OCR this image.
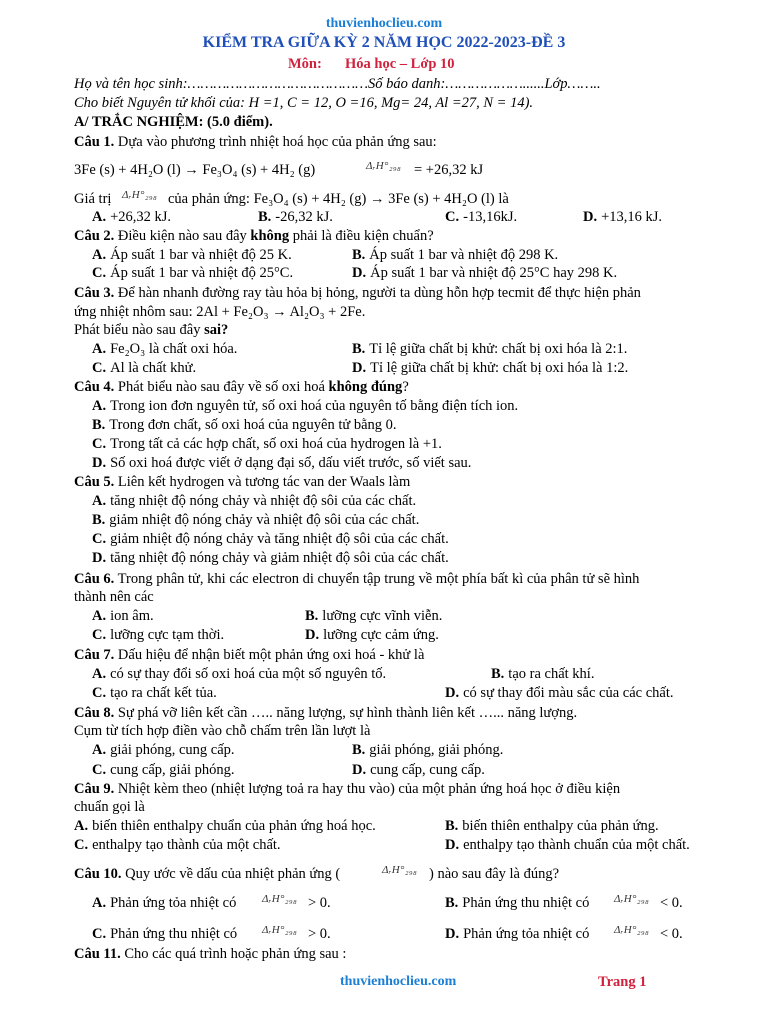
thuvienhoclieu.com
KIỂM TRA GIỮA KỲ 2 NĂM HỌC 2022-2023-ĐỀ 3
Môn: Hóa học – Lớp 10
Họ và tên học sinh:……………………………………Số báo danh:………………......Lớp……..
Cho biết Nguyên tử khối của: H =1, C = 12, O =16, Mg= 24, Al =27, N = 14).
A/ TRẮC NGHIỆM: (5.0 điểm).
Câu 1. Dựa vào phương trình nhiệt hoá học của phản ứng sau:
3Fe (s) + 4H₂O (l) → Fe₃O₄ (s) + 4H₂ (g)	ΔᵣH°₂₉₈ = +26,32 kJ
Giá trị ΔᵣH°₂₉₈ của phản ứng: Fe₃O₄ (s) + 4H₂ (g) → 3Fe (s) + 4H₂O (l) là
A. +26,32 kJ.	B. -26,32 kJ.	C. -13,16kJ.	D. +13,16 kJ.
Câu 2. Điều kiện nào sau đây không phải là điều kiện chuẩn?
A. Áp suất 1 bar và nhiệt độ 25 K.	B. Áp suất 1 bar và nhiệt độ 298 K.
C. Áp suất 1 bar và nhiệt độ 25°C.	D. Áp suất 1 bar và nhiệt độ 25°C hay 298 K.
Câu 3. Để hàn nhanh đường ray tàu hỏa bị hỏng, người ta dùng hỗn hợp tecmit để thực hiện phản
ứng nhiệt nhôm sau: 2Al + Fe₂O₃ → Al₂O₃ + 2Fe.
Phát biểu nào sau đây sai?
A. Fe₂O₃ là chất oxi hóa.	B. Tỉ lệ giữa chất bị khử: chất bị oxi hóa là 2:1.
C. Al là chất khử.	D. Tỉ lệ giữa chất bị khử: chất bị oxi hóa là 1:2.
Câu 4. Phát biểu nào sau đây về số oxi hoá không đúng?
A. Trong ion đơn nguyên tử, số oxi hoá của nguyên tố bằng điện tích ion.
B. Trong đơn chất, số oxi hoá của nguyên tử bằng 0.
C. Trong tất cả các hợp chất, số oxi hoá của hydrogen là +1.
D. Số oxi hoá được viết ở dạng đại số, dấu viết trước, số viết sau.
Câu 5. Liên kết hydrogen và tương tác van der Waals làm
A. tăng nhiệt độ nóng chảy và nhiệt độ sôi của các chất.
B. giảm nhiệt độ nóng chảy và nhiệt độ sôi của các chất.
C. giảm nhiệt độ nóng chảy và tăng nhiệt độ sôi của các chất.
D. tăng nhiệt độ nóng chảy và giảm nhiệt độ sôi của các chất.
Câu 6. Trong phân tử, khi các electron di chuyển tập trung về một phía bất kì của phân tử sẽ hình
thành nên các
A. ion âm.	B. lưỡng cực vĩnh viễn.
C. lưỡng cực tạm thời.	D. lưỡng cực cảm ứng.
Câu 7. Dấu hiệu để nhận biết một phản ứng oxi hoá - khử là
A. có sự thay đổi số oxi hoá của một số nguyên tố.	B. tạo ra chất khí.
C. tạo ra chất kết tủa.	D. có sự thay đổi màu sắc của các chất.
Câu 8. Sự phá vỡ liên kết cần ….. năng lượng, sự hình thành liên kết …... năng lượng.
Cụm từ tích hợp điền vào chỗ chấm trên lần lượt là
A. giải phóng, cung cấp.	B. giải phóng, giải phóng.
C. cung cấp, giải phóng.	D. cung cấp, cung cấp.
Câu 9. Nhiệt kèm theo (nhiệt lượng toả ra hay thu vào) của một phản ứng hoá học ở điều kiện
chuẩn gọi là
A. biến thiên enthalpy chuẩn của phản ứng hoá học.	B. biến thiên enthalpy của phản ứng.
C. enthalpy tạo thành của một chất.	D. enthalpy tạo thành chuẩn của một chất.
Câu 10. Quy ước về dấu của nhiệt phản ứng (	ΔᵣH°₂₉₈ ) nào sau đây là đúng?
A. Phản ứng tỏa nhiệt có ΔᵣH°₂₉₈ > 0.	B. Phản ứng thu nhiệt có ΔᵣH°₂₉₈ < 0.
C. Phản ứng thu nhiệt có ΔᵣH°₂₉₈ > 0.	D. Phản ứng tỏa nhiệt có ΔᵣH°₂₉₈ < 0.
Câu 11. Cho các quá trình hoặc phản ứng sau :
thuvienhoclieu.com	Trang 1
